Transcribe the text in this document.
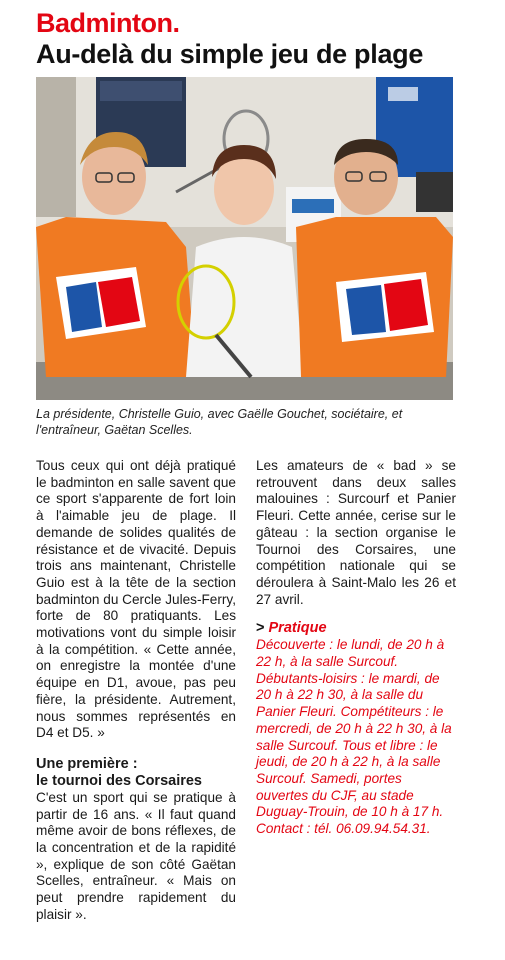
Badminton.
Au-delà du simple jeu de plage
La présidente, Christelle Guio, avec Gaëlle Gouchet, sociétaire, et l'entraîneur, Gaëtan Scelles.

Tous ceux qui ont déjà pratiqué le badminton en salle savent que ce sport s'apparente de fort loin à l'aimable jeu de plage. Il demande de solides qualités de résistance et de vivacité. Depuis trois ans maintenant, Christelle Guio est à la tête de la section badminton du Cercle Jules-Ferry, forte de 80 pratiquants. Les motivations vont du simple loisir à la compétition. « Cette année, on enregistre la montée d'une équipe en D1, avoue, pas peu fière, la présidente. Autrement, nous sommes représentés en D4 et D5. »

Une première :
le tournoi des Corsaires

C'est un sport qui se pratique à partir de 16 ans. « Il faut quand même avoir de bons réflexes, de la concentration et de la rapidité », explique de son côté Gaëtan Scelles, entraîneur. « Mais on peut prendre rapidement du plaisir ».

Les amateurs de « bad » se retrouvent dans deux salles malouines : Surcourf et Panier Fleuri. Cette année, cerise sur le gâteau : la section organise le Tournoi des Corsaires, une compétition nationale qui se déroulera à Saint-Malo les 26 et 27 avril.

> Pratique

Découverte : le lundi, de 20 h à 22 h, à la salle Surcouf. Débutants-loisirs : le mardi, de 20 h à 22 h 30, à la salle du Panier Fleuri. Compétiteurs : le mercredi, de 20 h à 22 h 30, à la salle Surcouf. Tous et libre : le jeudi, de 20 h à 22 h, à la salle Surcouf. Samedi, portes ouvertes du CJF, au stade Duguay-Trouin, de 10 h à 17 h. Contact : tél. 06.09.94.54.31.
